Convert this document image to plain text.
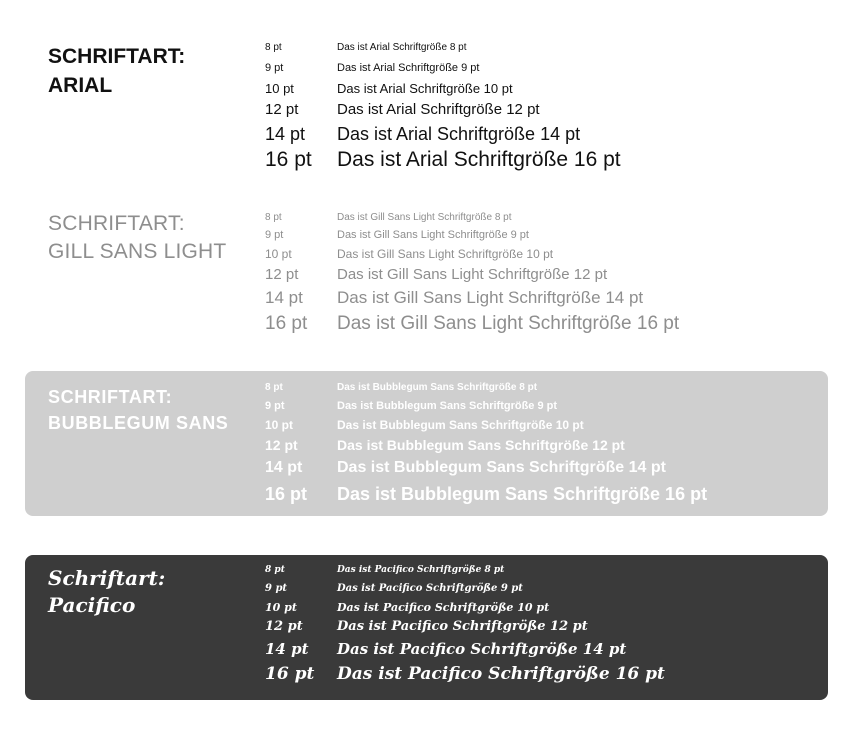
SCHRIFTART:
ARIAL
8 pt	Das ist Arial Schriftgröße 8 pt
9 pt	Das ist Arial Schriftgröße 9 pt
10 pt	Das ist Arial Schriftgröße 10 pt
12 pt	Das ist Arial Schriftgröße 12 pt
14 pt Das ist Arial Schriftgröße 14 pt
16 pt Das ist Arial Schriftgröße 16 pt
SCHRIFTART:
GILL SANS LIGHT
8 pt	Das ist Gill Sans Light Schriftgröße 8 pt
9 pt	Das ist Gill Sans Light Schriftgröße 9 pt
10 pt	Das ist Gill Sans Light Schriftgröße 10 pt
12 pt	Das ist Gill Sans Light Schriftgröße 12 pt
14 pt Das ist Gill Sans Light Schriftgröße 14 pt
16 pt Das ist Gill Sans Light Schriftgröße 16 pt
SCHRIFTART:
BUBBLEGUM SANS
8 pt	Das ist Bubblegum Sans Schriftgröße 8 pt
9 pt	Das ist Bubblegum Sans Schriftgröße 9 pt
10 pt	Das ist Bubblegum Sans Schriftgröße 10 pt
12 pt	Das ist Bubblegum Sans Schriftgröße 12 pt
14 pt Das ist Bubblegum Sans Schriftgröße 14 pt
16 pt Das ist Bubblegum Sans Schriftgröße 16 pt
Schriftart:
Pacifico
8 pt	Das ist Pacifico Schriftgröße 8 pt
9 pt	Das ist Pacifico Schriftgröße 9 pt
10 pt	Das ist Pacifico Schriftgröße 10 pt
12 pt	Das ist Pacifico Schriftgröße 12 pt
14 pt Das ist Pacifico Schriftgröße 14 pt
16 pt Das ist Pacifico Schriftgröße 16 pt
